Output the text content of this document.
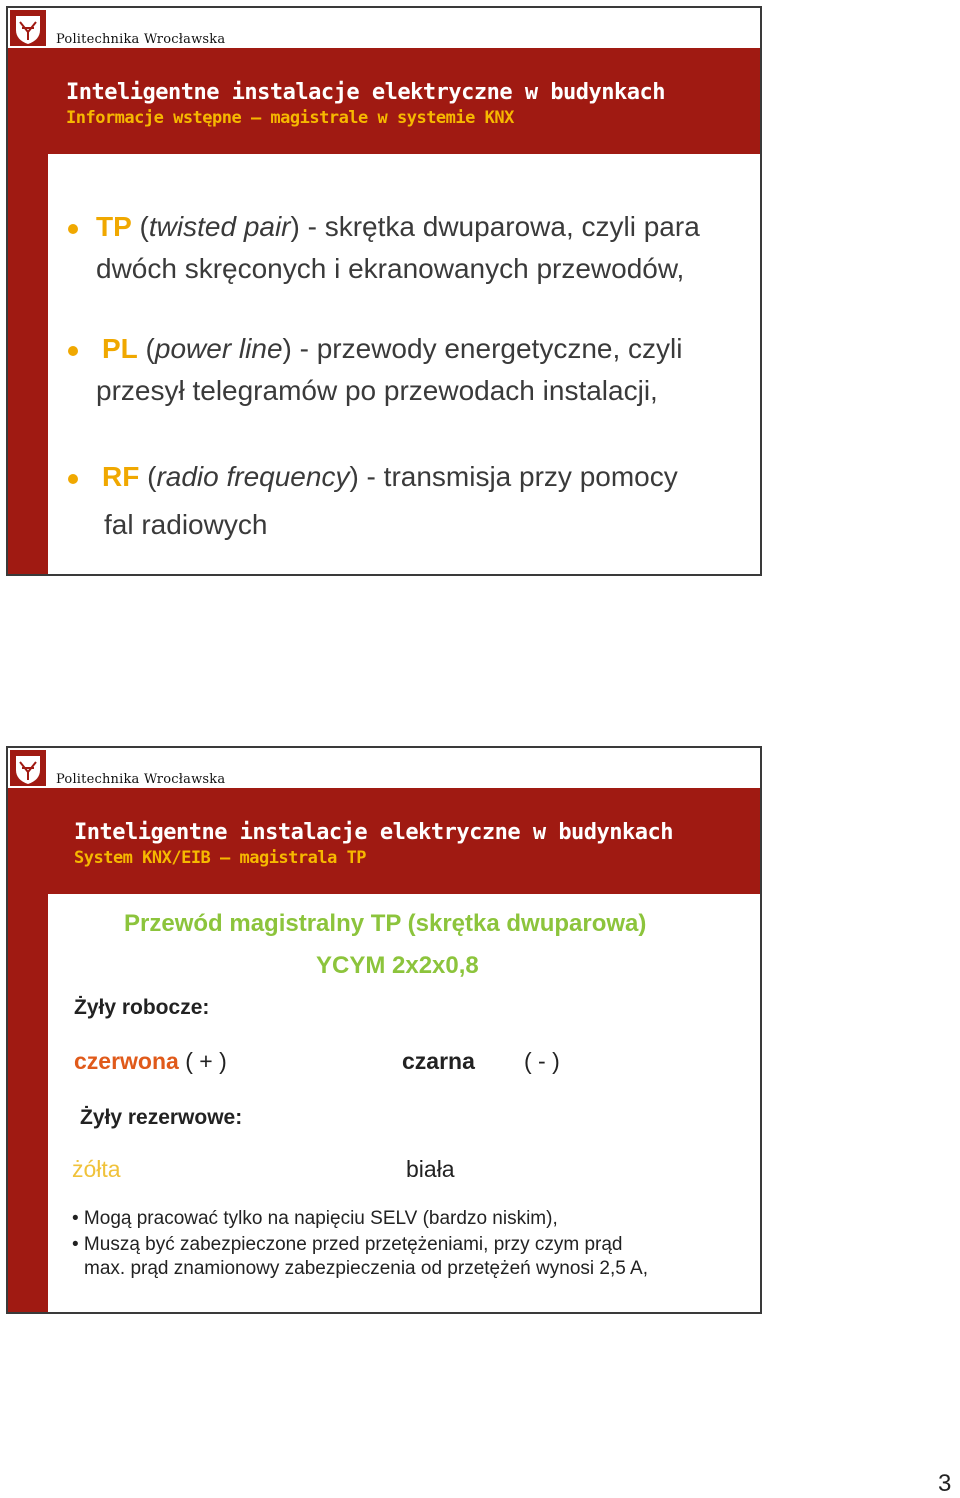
Politechnika Wrocławska
Inteligentne instalacje elektryczne w budynkach
Informacje wstępne – magistrale w systemie KNX
TP (twisted pair) - skrętka dwuparowa, czyli para
dwóch skręconych i ekranowanych przewodów,
PL (power line) - przewody energetyczne, czyli
przesył telegramów po przewodach instalacji,
RF (radio frequency) - transmisja przy pomocy
fal radiowych
Politechnika Wrocławska
Inteligentne instalacje elektryczne w budynkach
System KNX/EIB – magistrala TP
Przewód magistralny TP (skrętka dwuparowa)
YCYM 2x2x0,8
Żyły robocze:
czerwona ( + )	czarna ( - )
Żyły rezerwowe:
żółta	biała
• Mogą pracować tylko na napięciu SELV (bardzo niskim),
• Muszą być zabezpieczone przed przetężeniami, przy czym prąd
max. prąd znamionowy zabezpieczenia od przetężeń wynosi 2,5 A,
3
